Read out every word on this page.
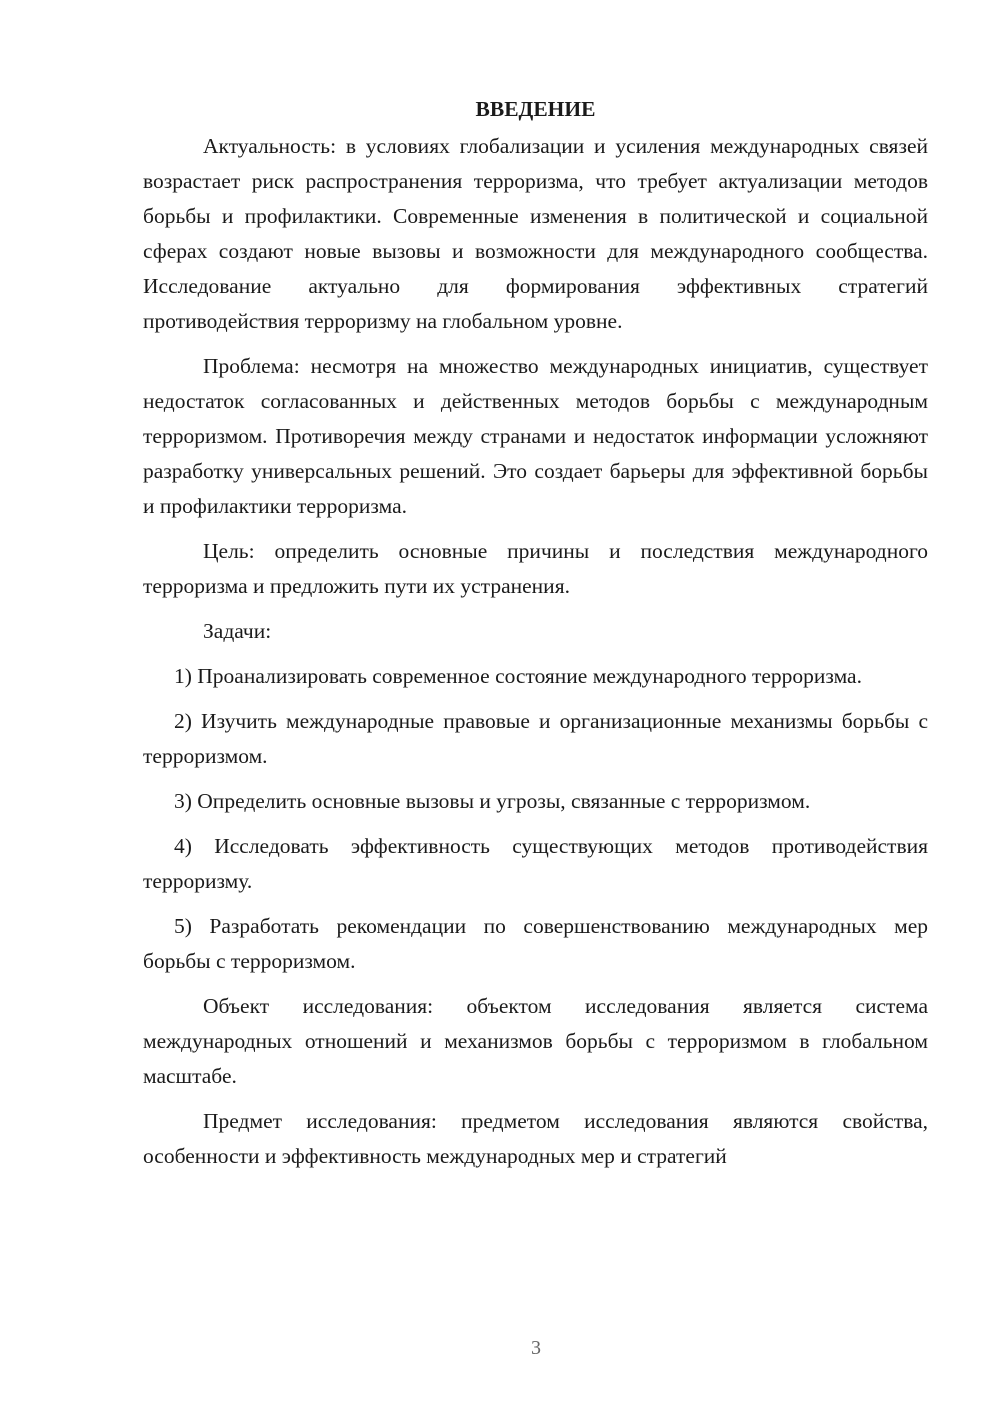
ВВЕДЕНИЕ

Актуальность: в условиях глобализации и усиления международных связей возрастает риск распространения терроризма, что требует актуализации методов борьбы и профилактики. Современные изменения в политической и социальной сферах создают новые вызовы и возможности для международного сообщества. Исследование актуально для формирования эффективных стратегий противодействия терроризму на глобальном уровне.

Проблема: несмотря на множество международных инициатив, существует недостаток согласованных и действенных методов борьбы с международным терроризмом. Противоречия между странами и недостаток информации усложняют разработку универсальных решений. Это создает барьеры для эффективной борьбы и профилактики терроризма.

Цель: определить основные причины и последствия международного терроризма и предложить пути их устранения.

Задачи:

1) Проанализировать современное состояние международного терроризма.

2) Изучить международные правовые и организационные механизмы борьбы с терроризмом.

3) Определить основные вызовы и угрозы, связанные с терроризмом.

4) Исследовать эффективность существующих методов противодействия терроризму.

5) Разработать рекомендации по совершенствованию международных мер борьбы с терроризмом.

Объект исследования: объектом исследования является система международных отношений и механизмов борьбы с терроризмом в глобальном масштабе.

Предмет исследования: предметом исследования являются свойства, особенности и эффективность международных мер и стратегий

3
